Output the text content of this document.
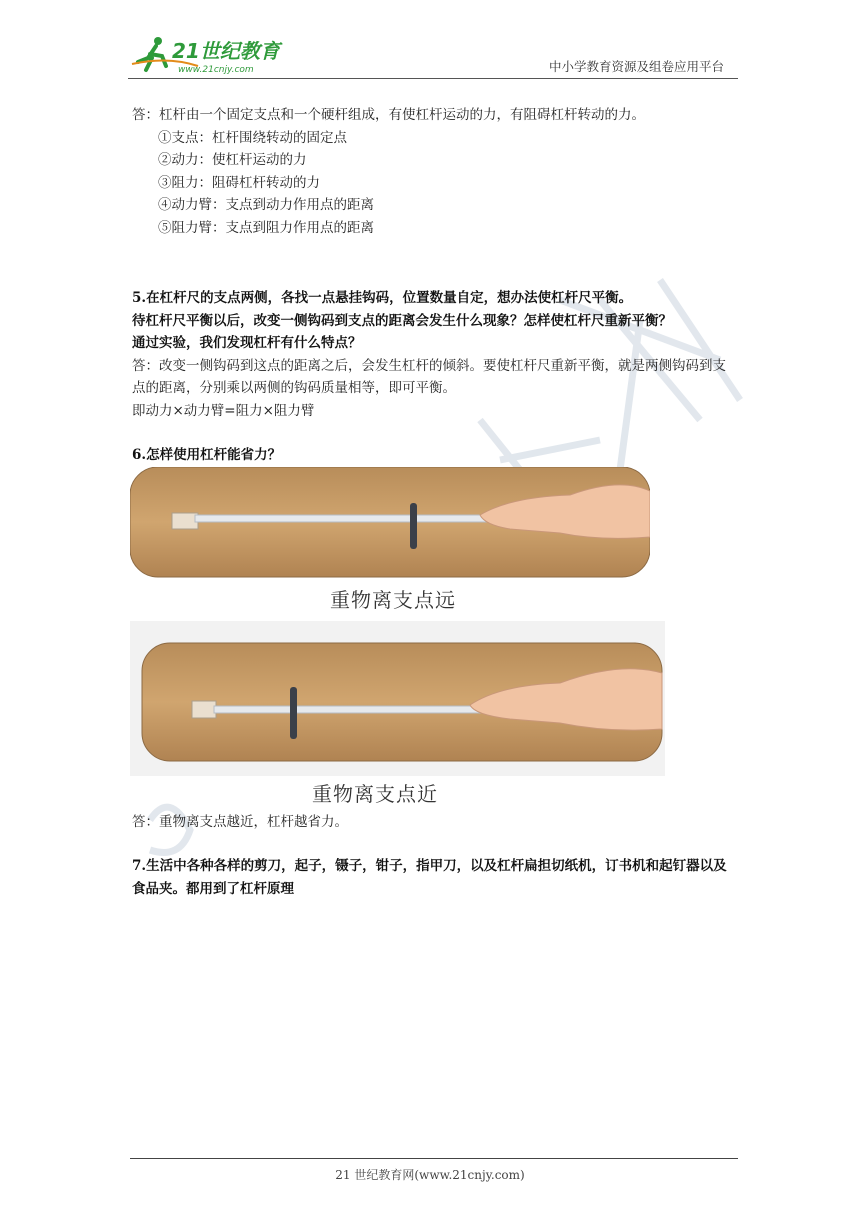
21世纪教育
www.21cnjy.com	中小学教育资源及组卷应用平台
答：杠杆由一个固定支点和一个硬杆组成，有使杠杆运动的力，有阻碍杠杆转动的力。
①支点：杠杆围绕转动的固定点
②动力：使杠杆运动的力
③阻力：阻碍杠杆转动的力
④动力臂：支点到动力作用点的距离
⑤阻力臂：支点到阻力作用点的距离
5.在杠杆尺的支点两侧，各找一点悬挂钩码，位置数量自定，想办法使杠杆尺平衡。
待杠杆尺平衡以后，改变一侧钩码到支点的距离会发生什么现象？怎样使杠杆尺重新平衡？
通过实验，我们发现杠杆有什么特点？
答：改变一侧钩码到这点的距离之后，会发生杠杆的倾斜。要使杠杆尺重新平衡，就是两侧钩码到支点的距离，分别乘以两侧的钩码质量相等，即可平衡。
即动力×动力臂=阻力×阻力臂
6.怎样使用杠杆能省力？
重物离支点远
重物离支点近
答：重物离支点越近，杠杆越省力。
7.生活中各种各样的剪刀，起子，镊子，钳子，指甲刀，以及杠杆扁担切纸机，订书机和起钉器以及食品夹。都用到了杠杆原理
21 世纪教育网(www.21cnjy.com)
